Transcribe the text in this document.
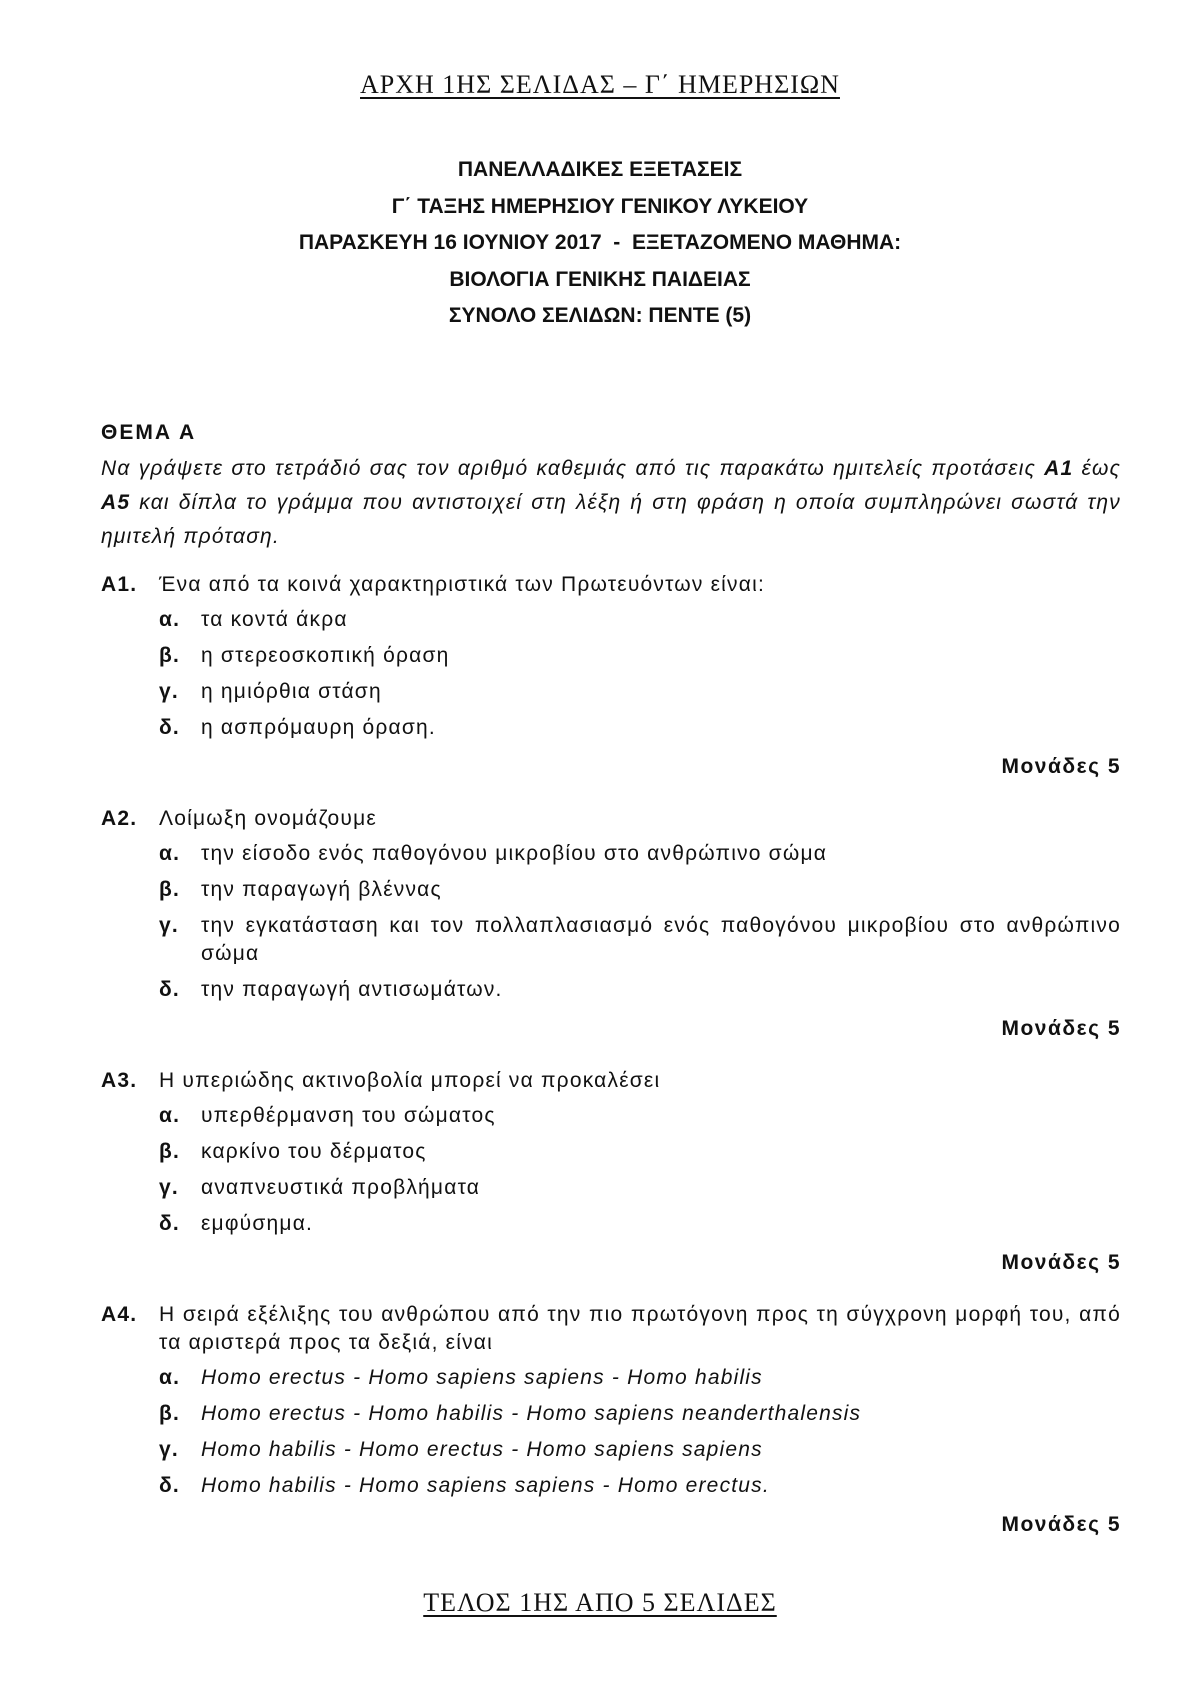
ΑΡΧΗ 1ΗΣ ΣΕΛΙΔΑΣ – Γ΄ ΗΜΕΡΗΣΙΩΝ
ΠΑΝΕΛΛΑΔΙΚΕΣ ΕΞΕΤΑΣΕΙΣ
Γ΄ ΤΑΞΗΣ ΗΜΕΡΗΣΙΟΥ ΓΕΝΙΚΟΥ ΛΥΚΕΙΟΥ
ΠΑΡΑΣΚΕΥΗ 16 ΙΟΥΝΙΟΥ 2017  -  ΕΞΕΤΑΖΟΜΕΝΟ ΜΑΘΗΜΑ:
ΒΙΟΛΟΓΙΑ ΓΕΝΙΚΗΣ ΠΑΙΔΕΙΑΣ
ΣΥΝΟΛΟ ΣΕΛΙΔΩΝ: ΠΕΝΤΕ (5)
ΘΕΜΑ Α

Να γράψετε στο τετράδιό σας τον αριθμό καθεμιάς από τις παρακάτω ημιτελείς προτάσεις Α1 έως Α5 και δίπλα το γράμμα που αντιστοιχεί στη λέξη ή στη φράση η οποία συμπληρώνει σωστά την ημιτελή πρόταση.

Α1.	Ένα από τα κοινά χαρακτηριστικά των Πρωτευόντων είναι:
α. τα κοντά άκρα
β. η στερεοσκοπική όραση
γ.	η ημιόρθια στάση
δ.	η ασπρόμαυρη όραση.
Μονάδες 5
Α2.	Λοίμωξη ονομάζουμε
α. την είσοδο ενός παθογόνου μικροβίου στο ανθρώπινο σώμα
β. την παραγωγή βλέννας
γ.	την εγκατάσταση και τον πολλαπλασιασμό ενός παθογόνου μικροβίου στο ανθρώπινο σώμα
δ.	την παραγωγή αντισωμάτων.
Μονάδες 5
Α3.	Η υπεριώδης ακτινοβολία μπορεί να προκαλέσει
α. υπερθέρμανση του σώματος
β. καρκίνο του δέρματος
γ.	αναπνευστικά προβλήματα
δ.	εμφύσημα.
Μονάδες 5
Α4.	Η σειρά εξέλιξης του ανθρώπου από την πιο πρωτόγονη προς τη σύγχρονη μορφή του, από τα αριστερά προς τα δεξιά, είναι
α. Homo erectus - Homo sapiens sapiens - Homo habilis
β. Homo erectus - Homo habilis - Homo sapiens neanderthalensis
γ.	Homo habilis - Homo erectus - Homo sapiens sapiens
δ.	Homo habilis - Homo sapiens sapiens - Homo erectus.
Μονάδες 5
ΤΕΛΟΣ 1ΗΣ ΑΠΟ 5 ΣΕΛΙΔΕΣ
